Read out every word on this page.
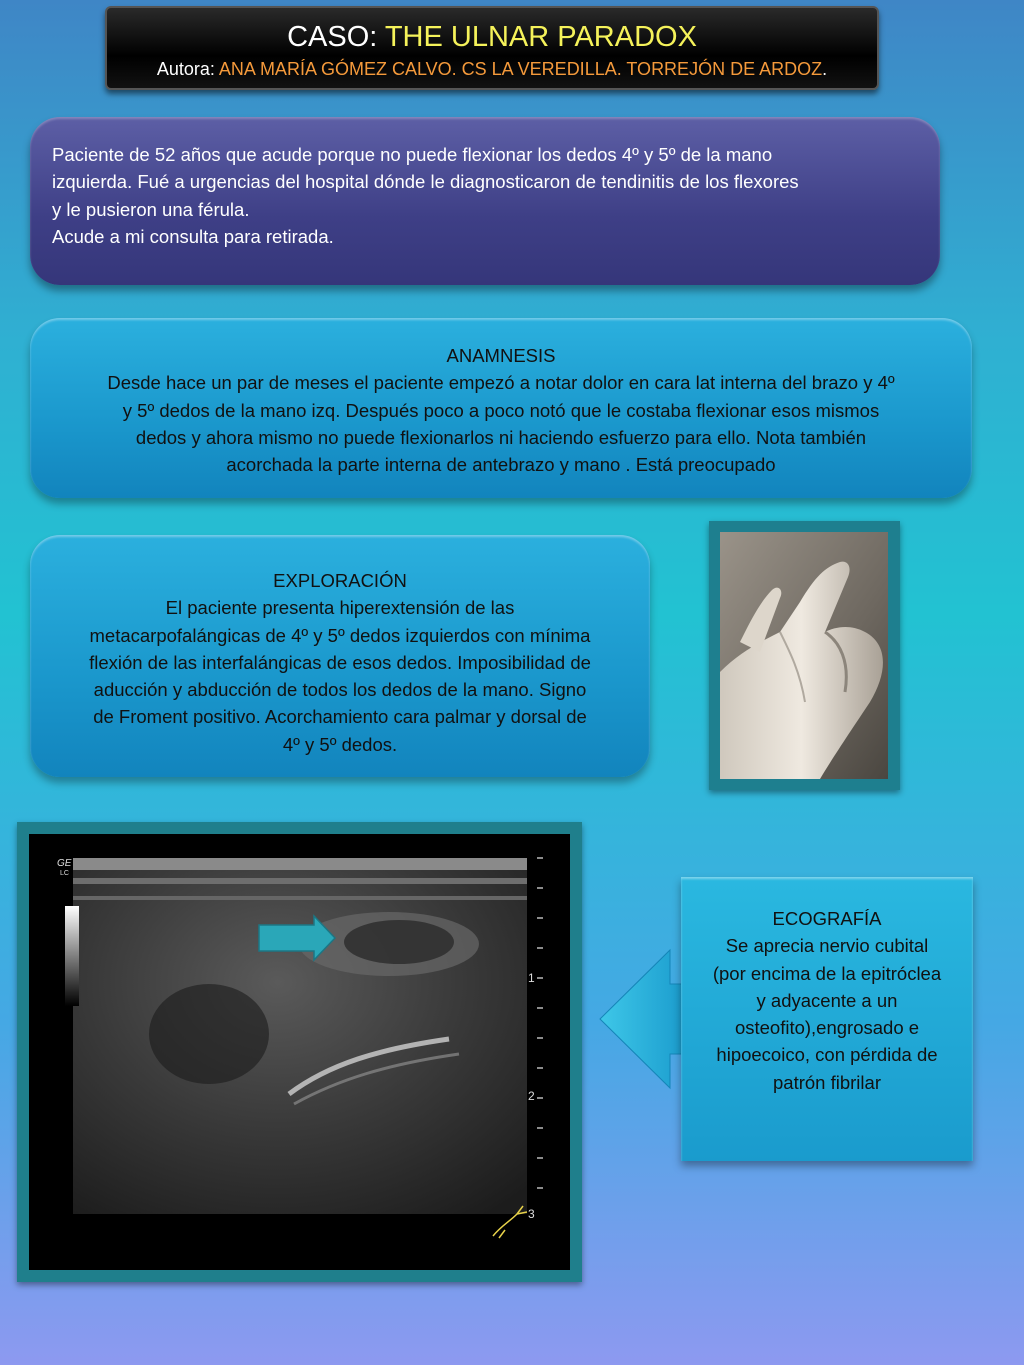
CASO: THE ULNAR PARADOX
Autora: ANA MARÍA GÓMEZ CALVO. CS LA VEREDILLA. TORREJÓN DE ARDOZ.
Paciente de 52 años que acude porque no puede flexionar los dedos 4º y 5º de la mano
izquierda. Fué a urgencias del hospital dónde le diagnosticaron de tendinitis de los flexores
y le pusieron una férula.
Acude a mi consulta para retirada.
ANAMNESIS
Desde hace un par de meses el paciente empezó a notar dolor en cara lat interna del brazo y 4º
y 5º dedos de la mano izq. Después poco a poco notó que le costaba flexionar esos mismos
dedos y ahora mismo no puede flexionarlos ni haciendo esfuerzo para ello. Nota también
acorchada la parte interna de antebrazo y mano . Está preocupado
EXPLORACIÓN
El paciente presenta hiperextensión de las
metacarpofalángicas de 4º y 5º dedos izquierdos con mínima
flexión de las interfalángicas de esos dedos. Imposibilidad de
aducción y abducción de todos los dedos de la mano. Signo
de Froment positivo. Acorchamiento cara palmar y dorsal de
4º y 5º dedos.
GE
LC
1
2
3
ECOGRAFÍA
Se aprecia nervio cubital
(por encima de la epitróclea
y adyacente a un
osteofito),engrosado e
hipoecoico, con pérdida de
patrón fibrilar
